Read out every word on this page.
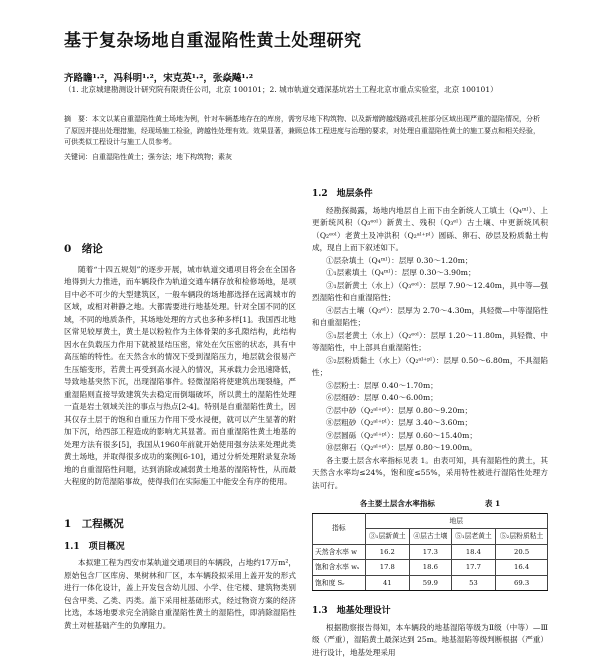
基于复杂场地自重湿陷性黄土处理研究
齐路瞻¹·²，冯科明¹·²，宋克英¹·²，张焱飚¹·²
（1. 北京城建勘测设计研究院有限责任公司，北京 100101；2. 城市轨道交通深基坑岩土工程北京市重点实验室，北京 100101）
摘　要：本文以某自重湿陷性黄土场地为例，针对车辆基地存在的库房，需穷尽地下构筑物、以及新增跨越线路或孔桩部分区域出现严重的湿陷情况，分析了原因并提出处理措施，经现场施工检验，跨越性处理有效。效果显著，兼顾总体工程进度与治理的要求，对处理自重湿陷性黄土的施工要点和相关经验，可供类似工程设计与施工人员参考。
关键词：自重湿陷性黄土；强夯法；地下构筑物；素灰
0　绪论

随着“十四五规划”的逐步开展，城市轨道交通项目将会在全国各地得到大力推进，而车辆段作为轨道交通车辆存放和检修场地，是项目中必不可少的大型建筑区，一般车辆段的场地都选择在远离城市的区域，或相对耕静之地。大都需要进行地基处理。针对全国不同的区域，不同的地质条件，其场地处理的方式也多种多样[1]。我国西北地区常见较厚黄土，黄土是以粉粒作为主体骨架的多孔隙结构，此结构因水在负载压力作用下就被显结压密，常处在欠压密的状态，具有中高压缩的特性。在天然含水的情况下受到湿陷压力，地层就会很易产生压缩变形，若黄土再受到高水浸入的情况，其承载力会迅速降低，导致地基突然下沉，出现湿陷事件。轻微湿陷将使建筑出现裂缝，严重湿陷则直接导致建筑失去稳定而倒塌破坏，所以黄土的湿陷性处理一直是岩土领域关注的事点与热点[2-4]。特别是自重湿陷性黄土，因其仅存土层于的饱和自重压力作用下受水浸便，就可以产生显著的附加下沉，给西部工程造成的影响尤其显著。而自重湿陷性黄土地基的处理方法有很多[5]，我国从1960年前就开始使用强夯法来处理此类黄土场地，并取得很多成功的案例[6-10]，通过分析处理附录复杂场地的自重湿陷性问题，达到消除或减弱黄土地基的湿陷特性，从而最大程度的防范湿陷事故，使得我们在实际施工中能安全有序的使用。

1　工程概况
1.1　项目概况

本拟建工程为西安市某轨道交通项目的车辆段，占地约17万m²，原始包含厂区库房、果树林和厂区，本车辆段拟采用上盖开发的形式进行一体化设计，盖上开发包含幼儿园、小学、住宅楼、建筑物类别包含甲类、乙类、丙类。盖下采用桩基础形式，经过物资方案的经济比选，本场地要求完全消除自重湿陷性黄土的湿陷性，即消除湿陷性黄土对桩基础产生的负摩阻力。

1.2　地层条件

经勘探揭露，场地内地层自上而下由全新统人工填土（Q₄ᵐˡ）、上更新统风积（Q₃ᵉᵒˡ）新黄土、残积（Q₃ᵉˡ）古土壤、中更新统风积（Q₂ᵉᵒˡ）老黄土及冲洪积（Q₂ᵃˡ⁺ᵖˡ）圆砾、卵石、砂层及粉质黏土构成，现自上而下叙述如下。

①层杂填土（Q₄ᵐˡ）：层厚 0.30～1.20m；

①₁层素填土（Q₄ᵐˡ）：层厚 0.30～3.90m；

③₁层新黄土（水上）（Q₃ᵉᵒˡ）：层厚 7.90～12.40m，具中等—强烈湿陷性和自重湿陷性；

④层古土壤（Q₃ᵉˡ）：层厚为 2.70～4.30m，具轻微—中等湿陷性和自重湿陷性；

⑤₁层老黄土（水上）（Q₂ᵉᵒˡ）：层厚 1.20～11.80m，具轻微、中等湿陷性，中上部具自重湿陷性；

⑤₂层粉质黏土（水上）（Q₂ᵃˡ⁺ᵖˡ）：层厚 0.50～6.80m，不具湿陷性；

⑤层粉土：层厚 0.40～1.70m；

⑥层细砂：层厚 0.40～6.00m；

⑦层中砂（Q₂ᵃˡ⁺ᵖˡ）：层厚 0.80～9.20m；

⑧层粗砂（Q₂ᵃˡ⁺ᵖˡ）：层厚 3.40～3.60m；

⑨层圆砾（Q₂ᵃˡ⁺ᵖˡ）：层厚 0.60～15.40m；

⑩层卵石（Q₂ᵃˡ⁺ᵖˡ）：层厚 0.80～19.00m。

各主要土层含水率指标见表 1。由表可知，具有湿陷性的黄土，其天然含水率均≤24%，饱和度≤55%，采用特性被进行湿陷性处理方法可行。

各主要土层含水率指标	表 1
指标	地层			
	③₁层新黄土	④层古土壤	⑤₁层老黄土	⑤₂层粉质粘土
天然含水率 w	16.2	17.3	18.4	20.5
饱和含水率 wₛ	17.8	18.6	17.7	16.4
饱和度 Sᵣ	41	59.9	53	69.3
1.3　地基处理设计

根据勘察报告得知，本车辆段的地基湿陷等级为Ⅱ级（中等）—Ⅲ级（严重），湿陷黄土最深达到 25m。地基湿陷等级判断根据（严重）进行设计，地基处理采用
